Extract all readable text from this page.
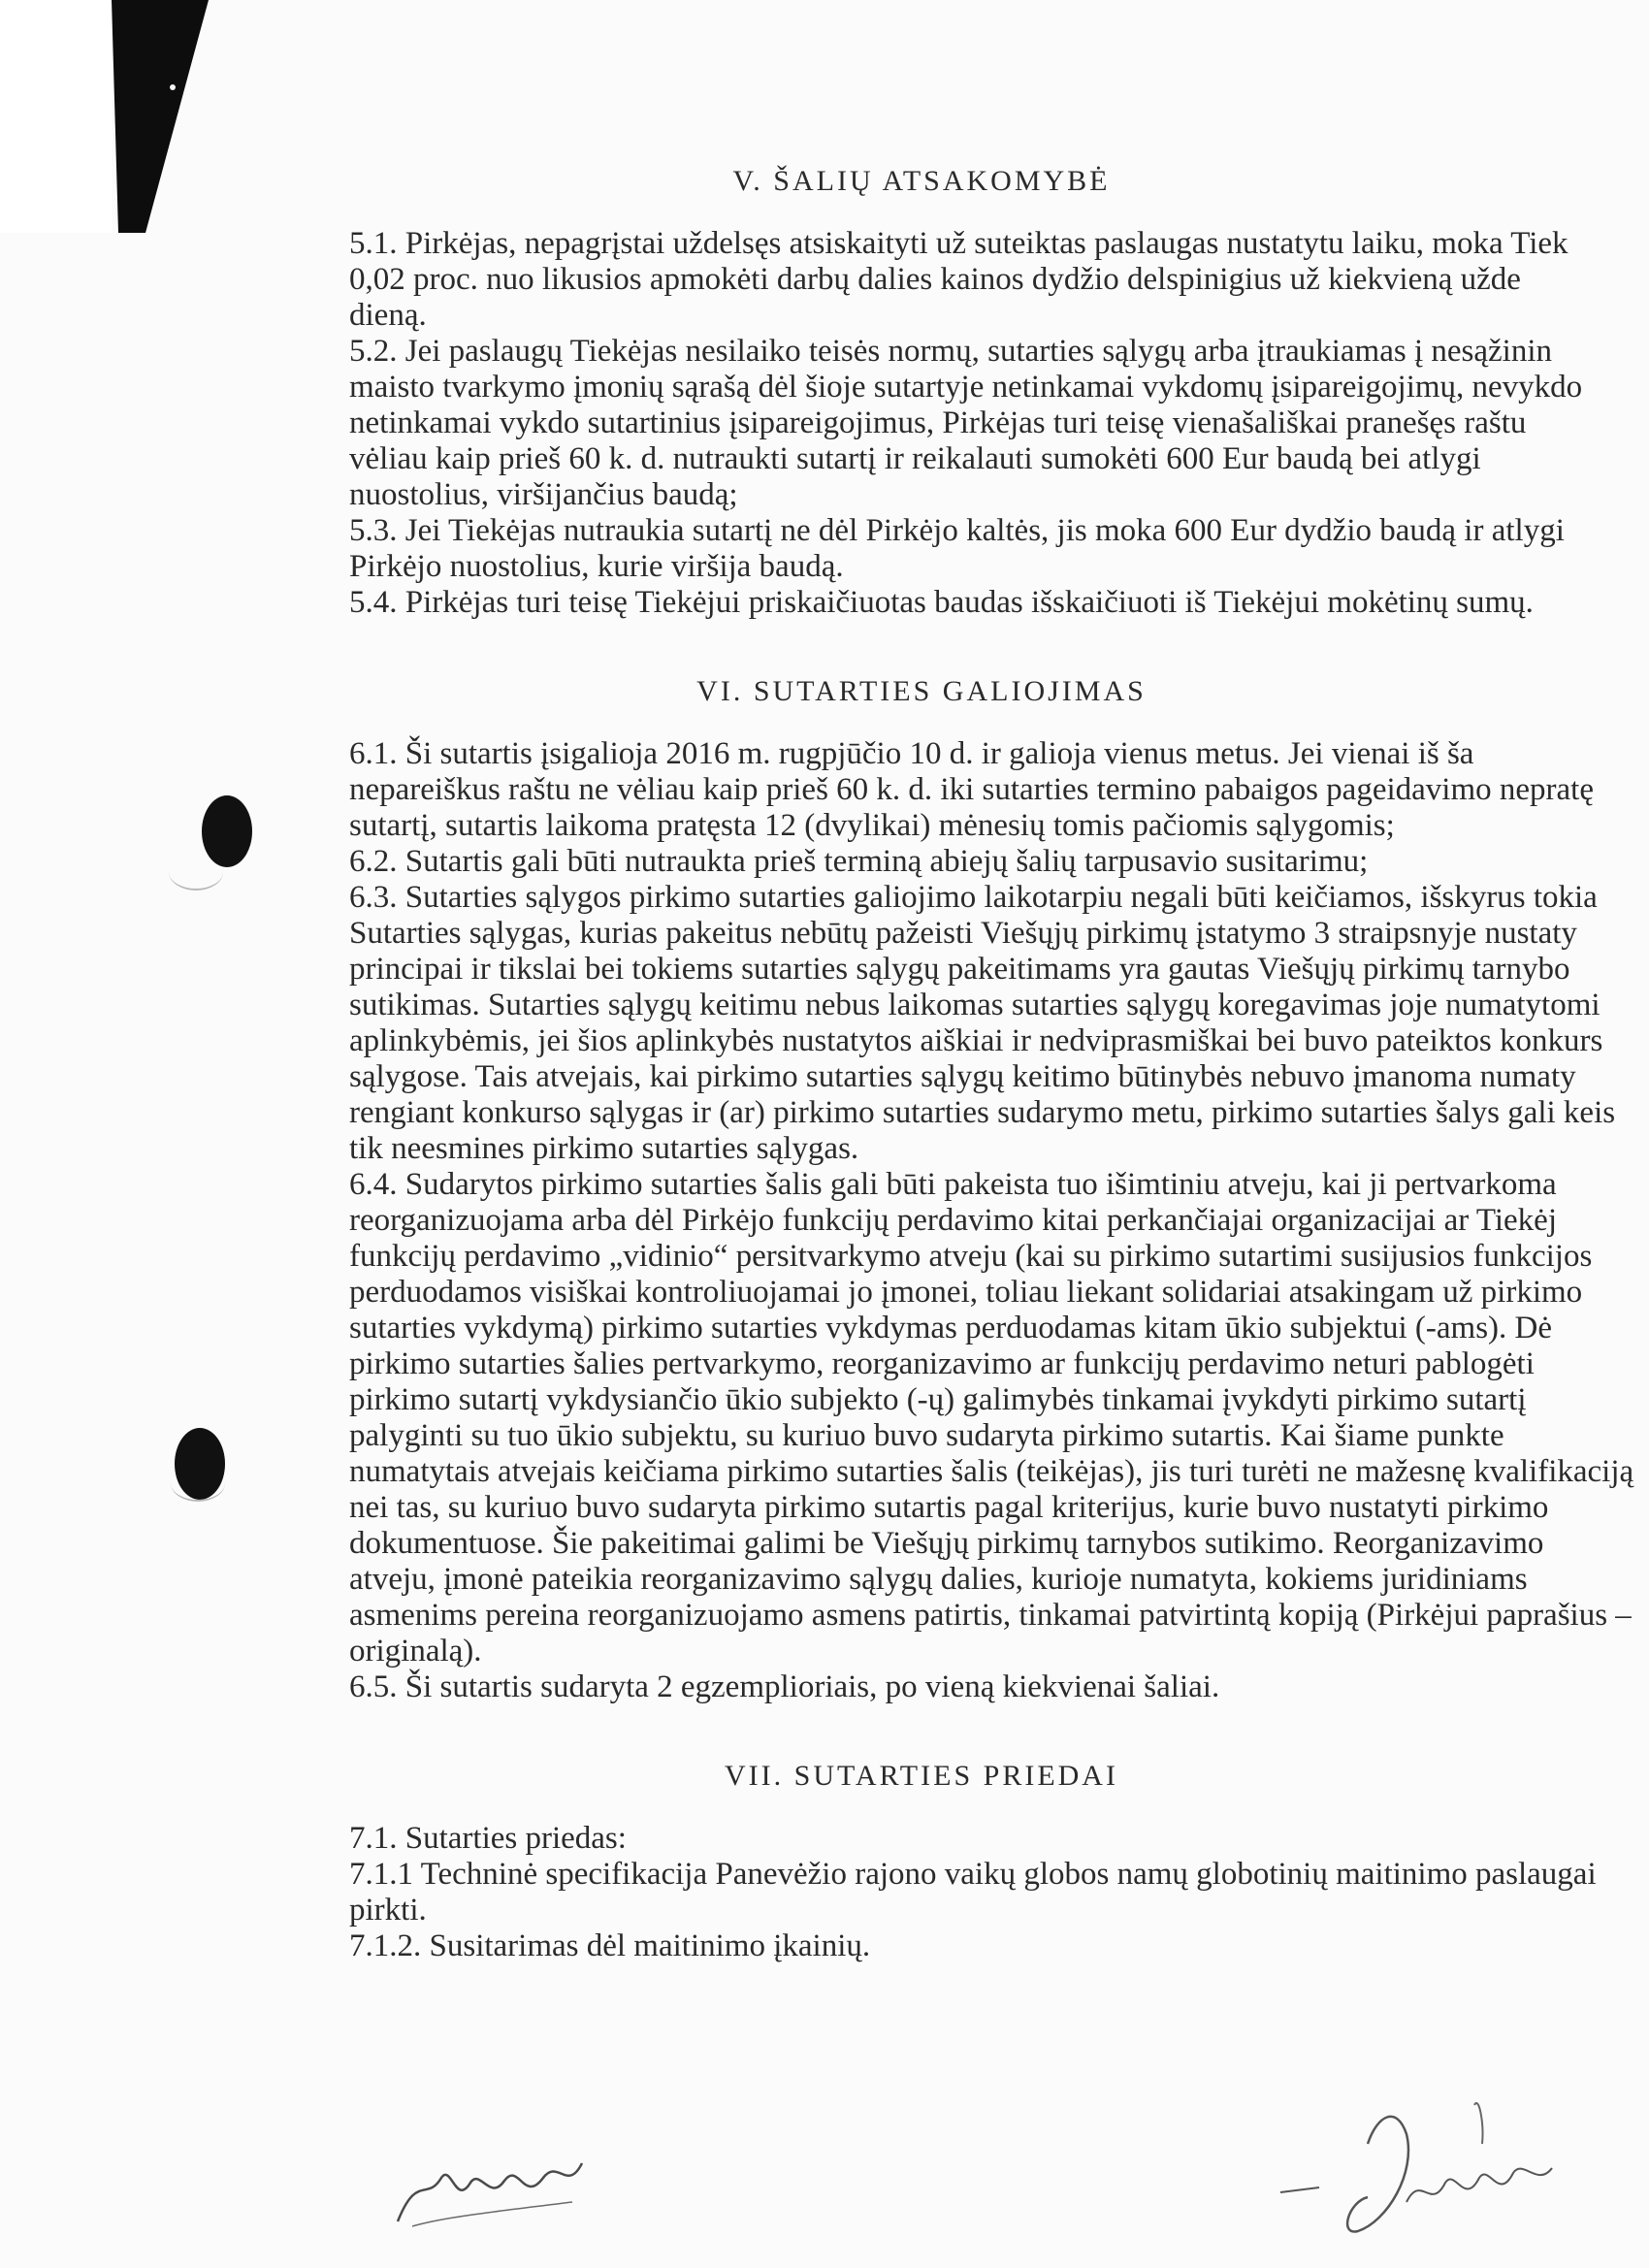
V. ŠALIŲ ATSAKOMYBĖ
5.1. Pirkėjas, nepagrįstai uždelsęs atsiskaityti už suteiktas paslaugas nustatytu laiku, moka Tiek
0,02 proc. nuo likusios apmokėti darbų dalies kainos dydžio delspinigius už kiekvieną užde
dieną.
5.2. Jei paslaugų Tiekėjas nesilaiko teisės normų, sutarties sąlygų arba įtraukiamas į nesąžinin
maisto tvarkymo įmonių sąrašą dėl šioje sutartyje netinkamai vykdomų įsipareigojimų, nevykdo
netinkamai vykdo sutartinius įsipareigojimus, Pirkėjas turi teisę vienašališkai pranešęs raštu
vėliau kaip prieš 60 k. d. nutraukti sutartį ir reikalauti sumokėti 600 Eur baudą bei atlygi
nuostolius, viršijančius baudą;
5.3. Jei Tiekėjas nutraukia sutartį ne dėl Pirkėjo kaltės, jis moka 600 Eur dydžio baudą ir atlygi
Pirkėjo nuostolius, kurie viršija baudą.
5.4. Pirkėjas turi teisę Tiekėjui priskaičiuotas baudas išskaičiuoti iš Tiekėjui mokėtinų sumų.
VI. SUTARTIES GALIOJIMAS
6.1. Ši sutartis įsigalioja 2016 m. rugpjūčio 10 d. ir galioja vienus metus. Jei vienai iš ša
nepareiškus raštu ne vėliau kaip prieš 60 k. d. iki sutarties termino pabaigos pageidavimo nepratę
sutartį, sutartis laikoma pratęsta 12 (dvylikai) mėnesių tomis pačiomis sąlygomis;
6.2. Sutartis gali būti nutraukta prieš terminą abiejų šalių tarpusavio susitarimu;
6.3. Sutarties sąlygos pirkimo sutarties galiojimo laikotarpiu negali būti keičiamos, išskyrus tokia
Sutarties sąlygas, kurias pakeitus nebūtų pažeisti Viešųjų pirkimų įstatymo 3 straipsnyje nustaty
principai ir tikslai bei tokiems sutarties sąlygų pakeitimams yra gautas Viešųjų pirkimų tarnybo
sutikimas. Sutarties sąlygų keitimu nebus laikomas sutarties sąlygų koregavimas joje numatytomi
aplinkybėmis, jei šios aplinkybės nustatytos aiškiai ir nedviprasmiškai bei buvo pateiktos konkurs
sąlygose. Tais atvejais, kai pirkimo sutarties sąlygų keitimo būtinybės nebuvo įmanoma numaty
rengiant konkurso sąlygas ir (ar) pirkimo sutarties sudarymo metu, pirkimo sutarties šalys gali keis
tik neesmines pirkimo sutarties sąlygas.
6.4. Sudarytos pirkimo sutarties šalis gali būti pakeista tuo išimtiniu atveju, kai ji pertvarkoma
reorganizuojama arba dėl Pirkėjo funkcijų perdavimo kitai perkančiajai organizacijai ar Tiekėj
funkcijų perdavimo „vidinio“ persitvarkymo atveju (kai su pirkimo sutartimi susijusios funkcijos
perduodamos visiškai kontroliuojamai jo įmonei, toliau liekant solidariai atsakingam už pirkimo
sutarties vykdymą) pirkimo sutarties vykdymas perduodamas kitam ūkio subjektui (-ams). Dė
pirkimo sutarties šalies pertvarkymo, reorganizavimo ar funkcijų perdavimo neturi pablogėti
pirkimo sutartį vykdysiančio ūkio subjekto (-ų) galimybės tinkamai įvykdyti pirkimo sutartį
palyginti su tuo ūkio subjektu, su kuriuo buvo sudaryta pirkimo sutartis. Kai šiame punkte
numatytais atvejais keičiama pirkimo sutarties šalis (teikėjas), jis turi turėti ne mažesnę kvalifikaciją
nei tas, su kuriuo buvo sudaryta pirkimo sutartis pagal kriterijus, kurie buvo nustatyti pirkimo
dokumentuose. Šie pakeitimai galimi be Viešųjų pirkimų tarnybos sutikimo. Reorganizavimo
atveju, įmonė pateikia reorganizavimo sąlygų dalies, kurioje numatyta, kokiems juridiniams
asmenims pereina reorganizuojamo asmens patirtis, tinkamai patvirtintą kopiją (Pirkėjui paprašius –
originalą).
6.5. Ši sutartis sudaryta 2 egzemplioriais, po vieną kiekvienai šaliai.
VII. SUTARTIES PRIEDAI
7.1. Sutarties priedas:
7.1.1 Techninė specifikacija Panevėžio rajono vaikų globos namų globotinių maitinimo paslaugai
pirkti.
7.1.2. Susitarimas dėl maitinimo įkainių.
